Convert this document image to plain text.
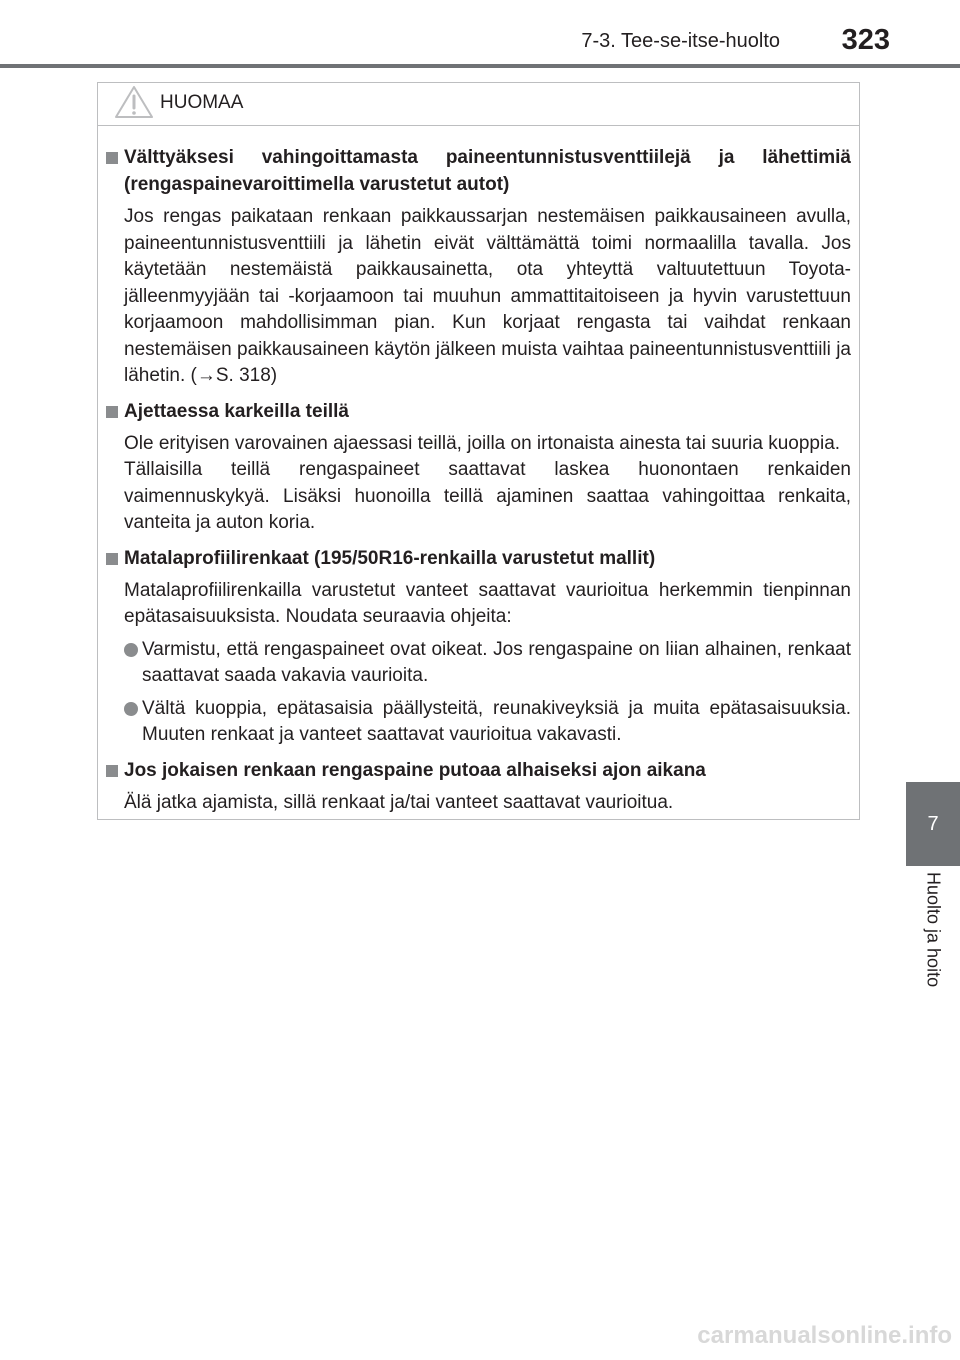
7-3. Tee-se-itse-huolto	323
7
Huolto ja hoito
HUOMAA
Välttyäksesi vahingoittamasta paineentunnistusventtiilejä ja lähettimiä (rengaspainevaroittimella varustetut autot)
Jos rengas paikataan renkaan paikkaussarjan nestemäisen paikkausaineen avulla, paineentunnistusventtiili ja lähetin eivät välttämättä toimi normaalilla tavalla. Jos käytetään nestemäistä paikkausainetta, ota yhteyttä valtuutettuun Toyota-jälleenmyyjään tai -korjaamoon tai muuhun ammattitaitoiseen ja hyvin varustettuun korjaamoon mahdollisimman pian. Kun korjaat rengasta tai vaihdat renkaan nestemäisen paikkausaineen käytön jälkeen muista vaihtaa paineentunnistusventtiili ja lähetin. (→S. 318)
Ajettaessa karkeilla teillä
Ole erityisen varovainen ajaessasi teillä, joilla on irtonaista ainesta tai suuria kuoppia.
Tällaisilla teillä rengaspaineet saattavat laskea huonontaen renkaiden vaimennuskykyä. Lisäksi huonoilla teillä ajaminen saattaa vahingoittaa renkaita, vanteita ja auton koria.
Matalaprofiilirenkaat (195/50R16-renkailla varustetut mallit)
Matalaprofiilirenkailla varustetut vanteet saattavat vaurioitua herkemmin tienpinnan epätasaisuuksista. Noudata seuraavia ohjeita:
Varmistu, että rengaspaineet ovat oikeat. Jos rengaspaine on liian alhainen, renkaat saattavat saada vakavia vaurioita.
Vältä kuoppia, epätasaisia päällysteitä, reunakiveyksiä ja muita epätasaisuuksia. Muuten renkaat ja vanteet saattavat vaurioitua vakavasti.
Jos jokaisen renkaan rengaspaine putoaa alhaiseksi ajon aikana
Älä jatka ajamista, sillä renkaat ja/tai vanteet saattavat vaurioitua.
carmanualsonline.info
